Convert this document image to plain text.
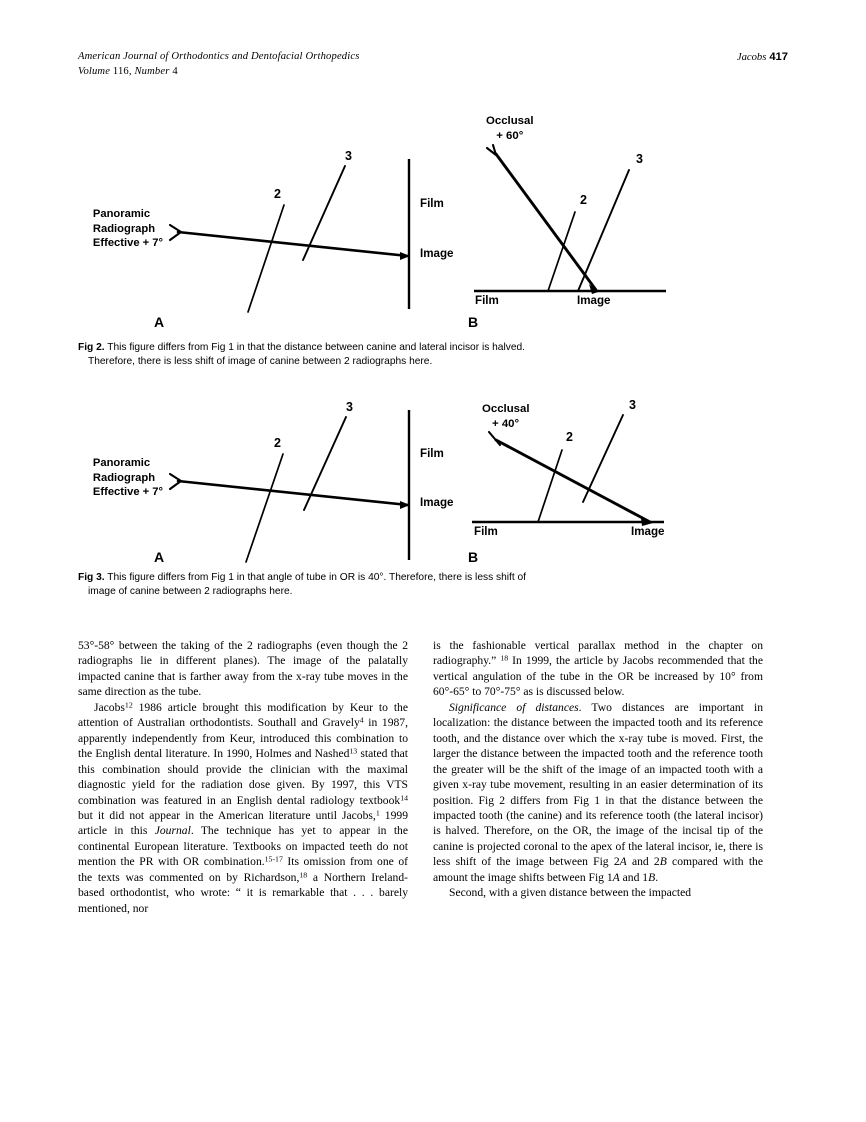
American Journal of Orthodontics and Dentofacial Orthopedics
Volume 116, Number 4
Jacobs 417
Panoramic
Radiograph
Effective + 7°
2
3
Film
Image
Occlusal
+ 60°
2
3
Film	Image
A	B
Fig 2. This figure differs from Fig 1 in that the distance between canine and lateral incisor is halved.
Therefore, there is less shift of image of canine between 2 radiographs here.
Panoramic
Radiograph
Effective + 7°
2
3
Film
Image
Occlusal
+ 40°
2
3
Film	Image
A	B
Fig 3. This figure differs from Fig 1 in that angle of tube in OR is 40°. Therefore, there is less shift of
image of canine between 2 radiographs here.

53°-58° between the taking of the 2 radiographs (even though the 2 radiographs lie in different planes). The image of the palatally impacted canine that is farther away from the x-ray tube moves in the same direction as the tube.

Jacobs$^{12}$ 1986 article brought this modification by Keur to the attention of Australian orthodontists. Southall and Gravely$^4$ in 1987, apparently independently from Keur, introduced this combination to the English dental literature. In 1990, Holmes and Nashed$^{13}$ stated that this combination should provide the clinician with the maximal diagnostic yield for the radiation dose given. By 1997, this VTS combination was featured in an English dental radiology textbook$^{14}$ but it did not appear in the American literature until Jacobs,$^1$ 1999 article in this Journal. The technique has yet to appear in the continental European literature. Textbooks on impacted teeth do not mention the PR with OR combination.$^{15-17}$ Its omission from one of the texts was commented on by Richardson,$^{18}$ a Northern Ireland-based orthodontist, who wrote: “ it is remarkable that . . . barely mentioned, nor

is the fashionable vertical parallax method in the chapter on radiography.” $^{18}$ In 1999, the article by Jacobs recommended that the vertical angulation of the tube in the OR be increased by 10° from 60°-65° to 70°-75° as is discussed below.

Significance of distances. Two distances are important in localization: the distance between the impacted tooth and its reference tooth, and the distance over which the x-ray tube is moved. First, the larger the distance between the impacted tooth and the reference tooth the greater will be the shift of the image of an impacted tooth with a given x-ray tube movement, resulting in an easier determination of its position. Fig 2 differs from Fig 1 in that the distance between the impacted tooth (the canine) and its reference tooth (the lateral incisor) is halved. Therefore, on the OR, the image of the incisal tip of the canine is projected coronal to the apex of the lateral incisor, ie, there is less shift of the image between Fig 2A and 2B compared with the amount the image shifts between Fig 1A and 1B.

Second, with a given distance between the impacted
